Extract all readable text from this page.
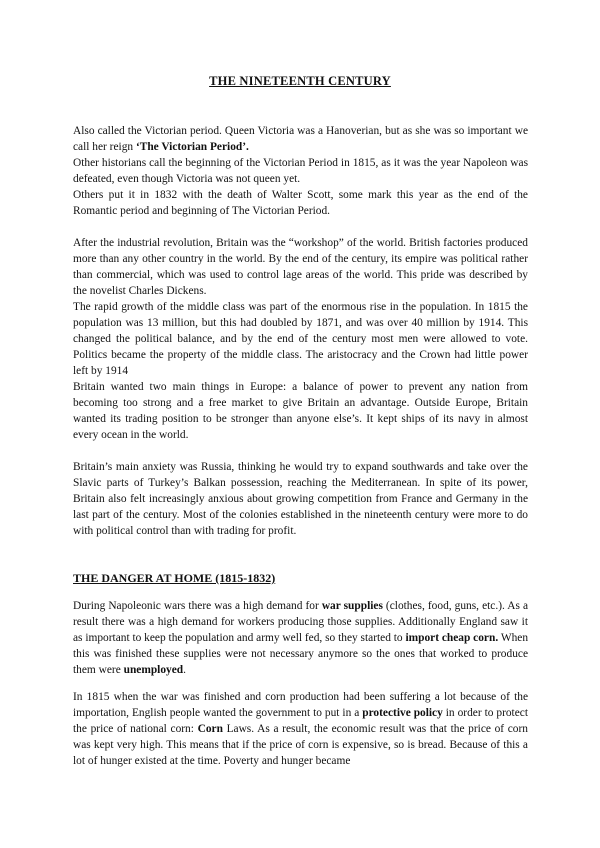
THE NINETEENTH CENTURY

Also called the Victorian period. Queen Victoria was a Hanoverian, but as she was so important we call her reign ‘The Victorian Period’.

Other historians call the beginning of the Victorian Period in 1815, as it was the year Napoleon was defeated, even though Victoria was not queen yet.

Others put it in 1832 with the death of Walter Scott, some mark this year as the end of the Romantic period and beginning of The Victorian Period.

After the industrial revolution, Britain was the “workshop” of the world. British factories produced more than any other country in the world. By the end of the century, its empire was political rather than commercial, which was used to control lage areas of the world. This pride was described by the novelist Charles Dickens.

The rapid growth of the middle class was part of the enormous rise in the population. In 1815 the population was 13 million, but this had doubled by 1871, and was over 40 million by 1914. This changed the political balance, and by the end of the century most men were allowed to vote. Politics became the property of the middle class. The aristocracy and the Crown had little power left by 1914

Britain wanted two main things in Europe: a balance of power to prevent any nation from becoming too strong and a free market to give Britain an advantage. Outside Europe, Britain wanted its trading position to be stronger than anyone else’s. It kept ships of its navy in almost every ocean in the world.

Britain’s main anxiety was Russia, thinking he would try to expand southwards and take over the Slavic parts of Turkey’s Balkan possession, reaching the Mediterranean. In spite of its power, Britain also felt increasingly anxious about growing competition from France and Germany in the last part of the century. Most of the colonies established in the nineteenth century were more to do with political control than with trading for profit.

THE DANGER AT HOME (1815-1832)

During Napoleonic wars there was a high demand for war supplies (clothes, food, guns, etc.). As a result there was a high demand for workers producing those supplies. Additionally England saw it as important to keep the population and army well fed, so they started to import cheap corn. When this was finished these supplies were not necessary anymore so the ones that worked to produce them were unemployed.

In 1815 when the war was finished and corn production had been suffering a lot because of the importation, English people wanted the government to put in a protective policy in order to protect the price of national corn: Corn Laws. As a result, the economic result was that the price of corn was kept very high. This means that if the price of corn is expensive, so is bread. Because of this a lot of hunger existed at the time. Poverty and hunger became
